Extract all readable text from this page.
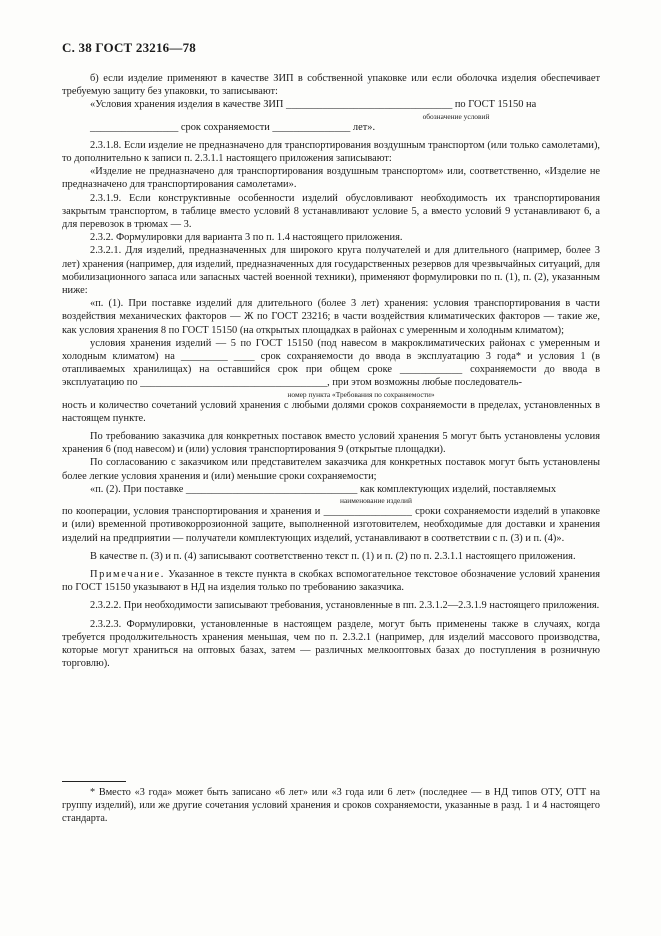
С. 38 ГОСТ 23216—78

б) если изделие применяют в качестве ЗИП в собственной упаковке или если оболочка изделия обеспечивает требуемую защиту без упаковки, то записывают:

«Условия хранения изделия в качестве ЗИП ________________________________ по ГОСТ 15150 на

обозначение условий

_________________ срок сохраняемости _______________ лет».

2.3.1.8. Если изделие не предназначено для транспортирования воздушным транспортом (или только самолетами), то дополнительно к записи п. 2.3.1.1 настоящего приложения записывают:

«Изделие не предназначено для транспортирования воздушным транспортом» или, соответственно, «Изделие не предназначено для транспортирования самолетами».

2.3.1.9. Если конструктивные особенности изделий обусловливают необходимость их транспортирования закрытым транспортом, в таблице вместо условий 8 устанавливают условие 5, а вместо условий 9 устанавливают 6, а для перевозок в трюмах — 3.

2.3.2. Формулировки для варианта 3 по п. 1.4 настоящего приложения.

2.3.2.1. Для изделий, предназначенных для широкого круга получателей и для длительного (например, более 3 лет) хранения (например, для изделий, предназначенных для государственных резервов для чрезвычайных ситуаций, для мобилизационного запаса или запасных частей военной техники), применяют формулировки по п. (1), п. (2), указанным ниже:

«п. (1). При поставке изделий для длительного (более 3 лет) хранения: условия транспортирования в части воздействия механических факторов — Ж по ГОСТ 23216; в части воздействия климатических факторов — такие же, как условия хранения 8 по ГОСТ 15150 (на открытых площадках в районах с умеренным и холодным климатом);

условия хранения изделий — 5 по ГОСТ 15150 (под навесом в макроклиматических районах с умеренным и холодным климатом) на _________ ____ срок сохраняемости до ввода в эксплуатацию 3 года* и условия 1 (в отапливаемых хранилищах) на оставшийся срок при общем сроке ____________ сохраняемости до ввода в эксплуатацию по ____________________________________, при этом возможны любые последователь-

номер пункта «Требования по сохраняемости»

ность и количество сочетаний условий хранения с любыми долями сроков сохраняемости в пределах, установленных в настоящем пункте.

По требованию заказчика для конкретных поставок вместо условий хранения 5 могут быть установлены условия хранения 6 (под навесом) и (или) условия транспортирования 9 (открытые площадки).

По согласованию с заказчиком или представителем заказчика для конкретных поставок могут быть установлены более легкие условия хранения и (или) меньшие сроки сохраняемости;

«п. (2). При поставке _________________________________ как комплектующих изделий, поставляемых

наименование изделий

по кооперации, условия транспортирования и хранения и _________________ сроки сохраняемости изделий в упаковке и (или) временной противокоррозионной защите, выполненной изготовителем, необходимые для доставки и хранения изделий на предприятии — получатели комплектующих изделий, устанавливают в соответствии с п. (3) и п. (4)».

В качестве п. (3) и п. (4) записывают соответственно текст п. (1) и п. (2) по п. 2.3.1.1 настоящего приложения.

Примечание. Указанное в тексте пункта в скобках вспомогательное текстовое обозначение условий хранения по ГОСТ 15150 указывают в НД на изделия только по требованию заказчика.

2.3.2.2. При необходимости записывают требования, установленные в пп. 2.3.1.2—2.3.1.9 настоящего приложения.

2.3.2.3. Формулировки, установленные в настоящем разделе, могут быть применены также в случаях, когда требуется продолжительность хранения меньшая, чем по п. 2.3.2.1 (например, для изделий массового производства, которые могут храниться на оптовых базах, затем — различных мелкооптовых базах до поступления в розничную торговлю).

* Вместо «3 года» может быть записано «6 лет» или «3 года или 6 лет» (последнее — в НД типов ОТУ, ОТТ на группу изделий), или же другие сочетания условий хранения и сроков сохраняемости, указанные в разд. 1 и 4 настоящего стандарта.
